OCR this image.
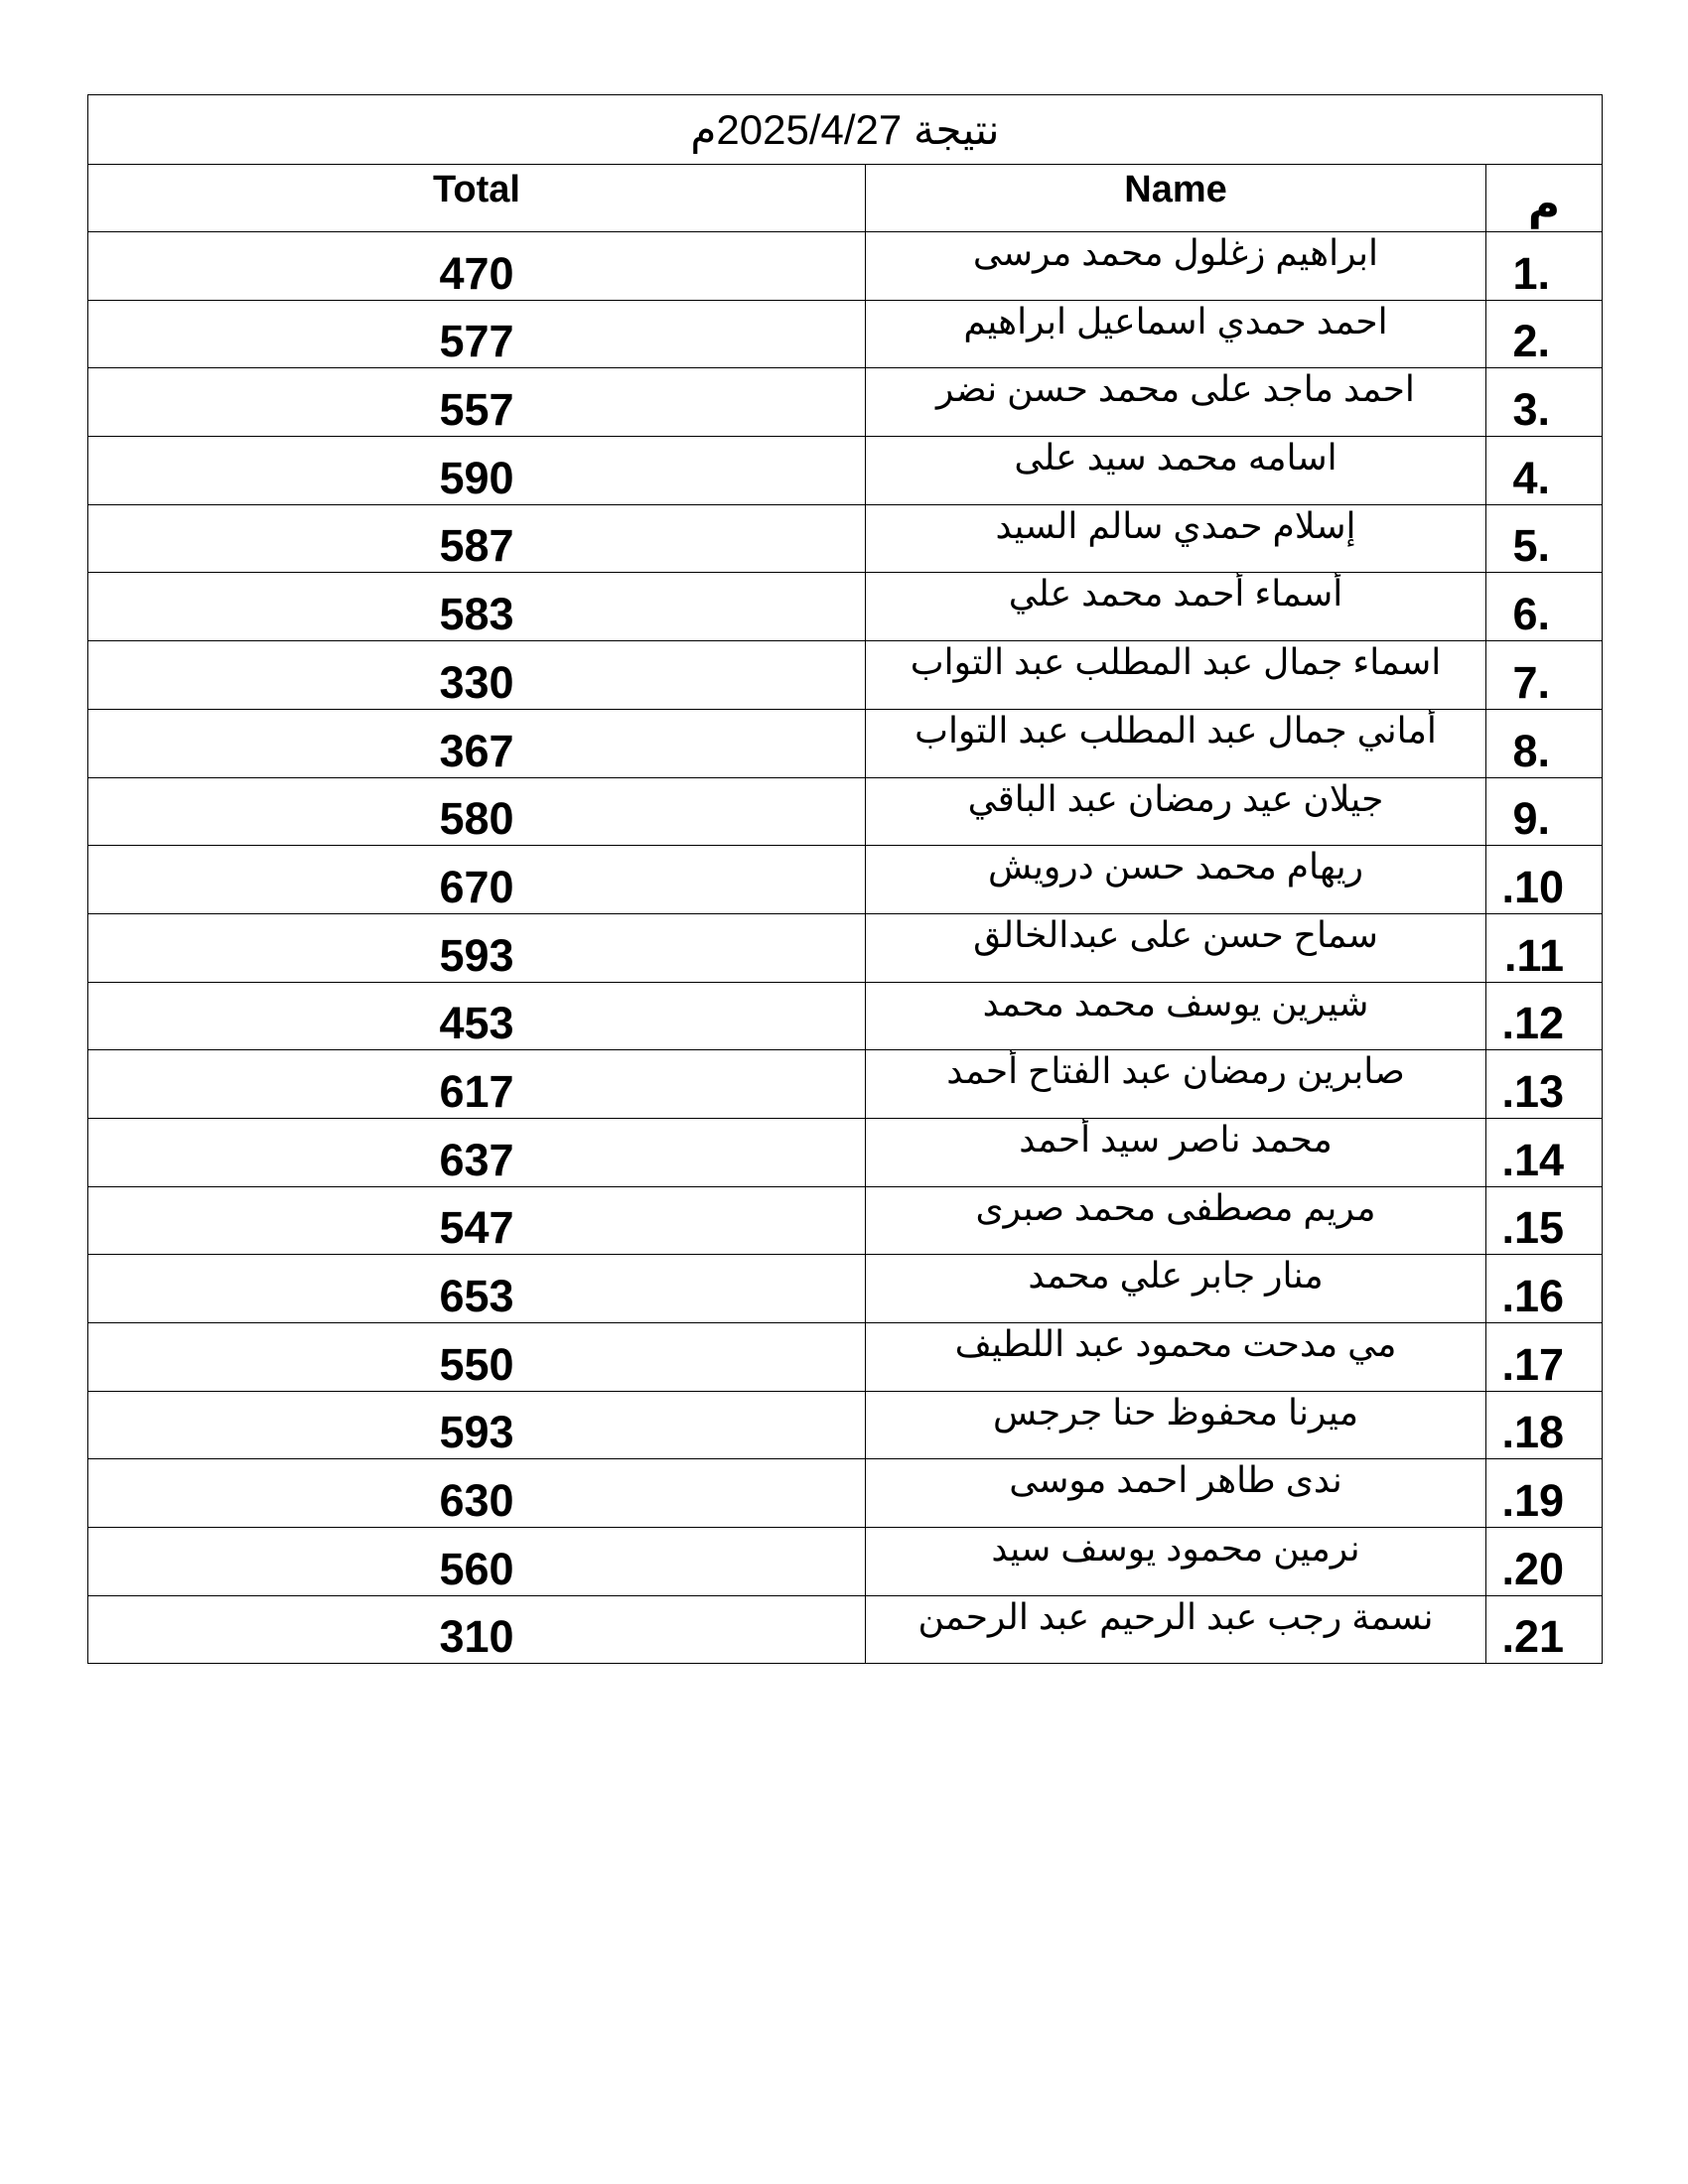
نتيجة 2025/4/27م		
Total	Name	م
470	ابراهيم زغلول محمد مرسى	1.

577	احمد حمدي اسماعيل ابراهيم	2.

557	احمد ماجد على محمد حسن نضر	3.

590	اسامه محمد سيد على	4.

587	إسلام حمدي سالم السيد	5.

583	أسماء أحمد محمد علي	6.

330	اسماء جمال عبد المطلب عبد التواب	7.

367	أماني جمال عبد المطلب عبد التواب	8.

580	جيلان عيد رمضان عبد الباقي	9.

670	ريهام محمد حسن درويش	.10

593	سماح حسن على عبدالخالق	.11

453	شيرين يوسف محمد محمد	.12

617	صابرين رمضان عبد الفتاح أحمد	.13

637	محمد ناصر سيد أحمد	.14

547	مريم مصطفى محمد صبرى	.15

653	منار جابر علي محمد	.16

550	مي مدحت محمود عبد اللطيف	.17

593	ميرنا محفوظ حنا جرجس	.18

630	ندى طاهر احمد موسى	.19

560	نرمين محمود يوسف سيد	.20

310	نسمة رجب عبد الرحيم عبد الرحمن	.21
